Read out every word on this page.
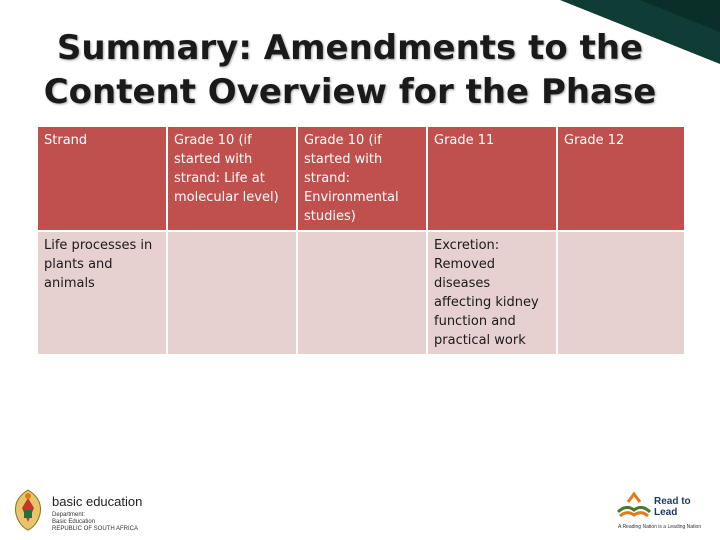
Summary: Amendments to the Content Overview for the Phase
Strand	Grade 10 (if started with strand: Life at molecular level)	Grade 10 (if started with strand: Environmental studies)	Grade 11	Grade 12
Life processes in plants and animals			Excretion: Removed diseases affecting kidney function and practical work	
basic education
Department:
Basic Education
REPUBLIC OF SOUTH AFRICA
Read to Lead
A Reading Nation is a Leading Nation
